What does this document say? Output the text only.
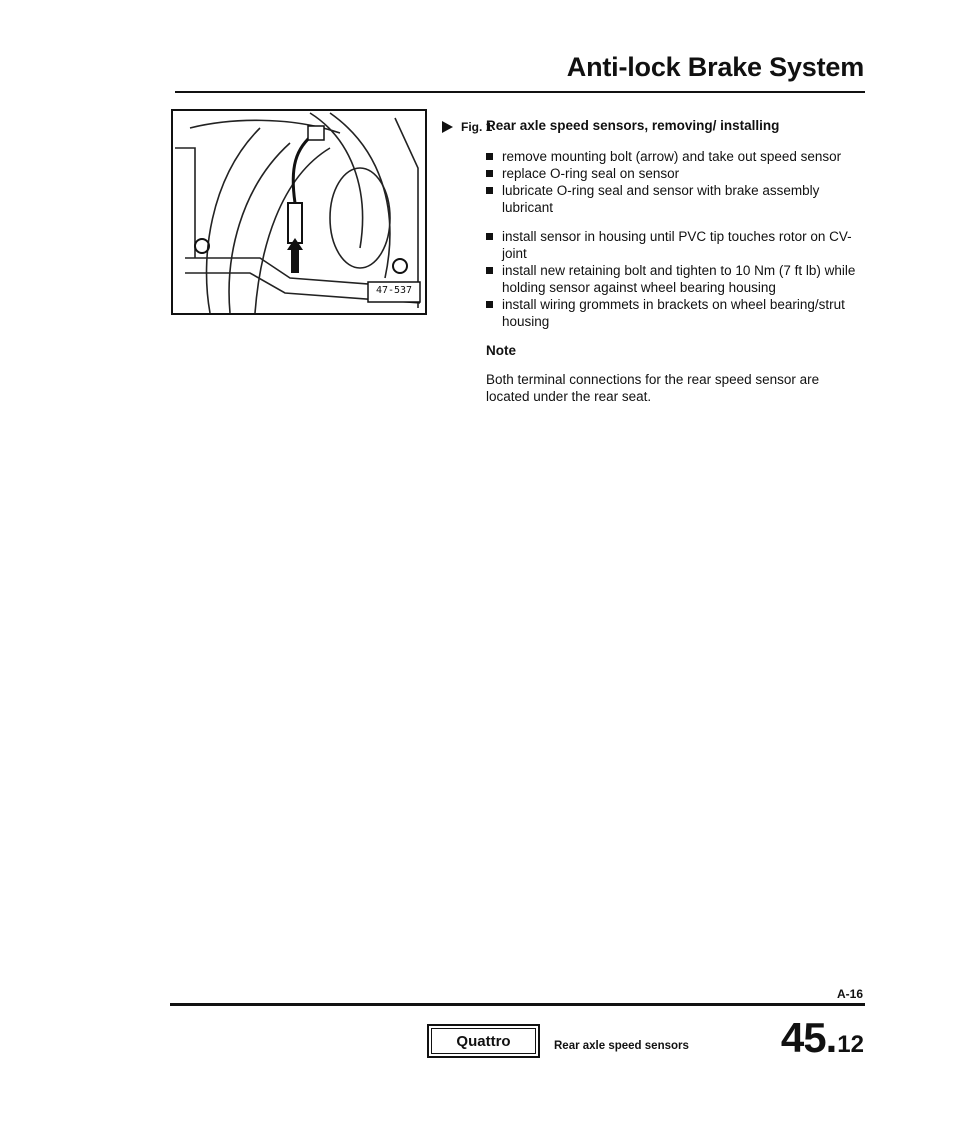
Anti-lock Brake System
47-537
Fig. 1
Rear axle speed sensors, removing/ installing
remove mounting bolt (arrow) and take out speed sensor
replace O-ring seal on sensor
lubricate O-ring seal and sensor with brake assembly lubricant
install sensor in housing until PVC tip touches rotor on CV-joint
install new retaining bolt and tighten to 10 Nm (7 ft lb) while holding sensor against wheel bearing housing
install wiring grommets in brackets on wheel bearing/strut housing
Note

Both terminal connections for the rear speed sensor are located under the rear seat.

A-16
Quattro	Rear axle speed sensors 45 . 12
